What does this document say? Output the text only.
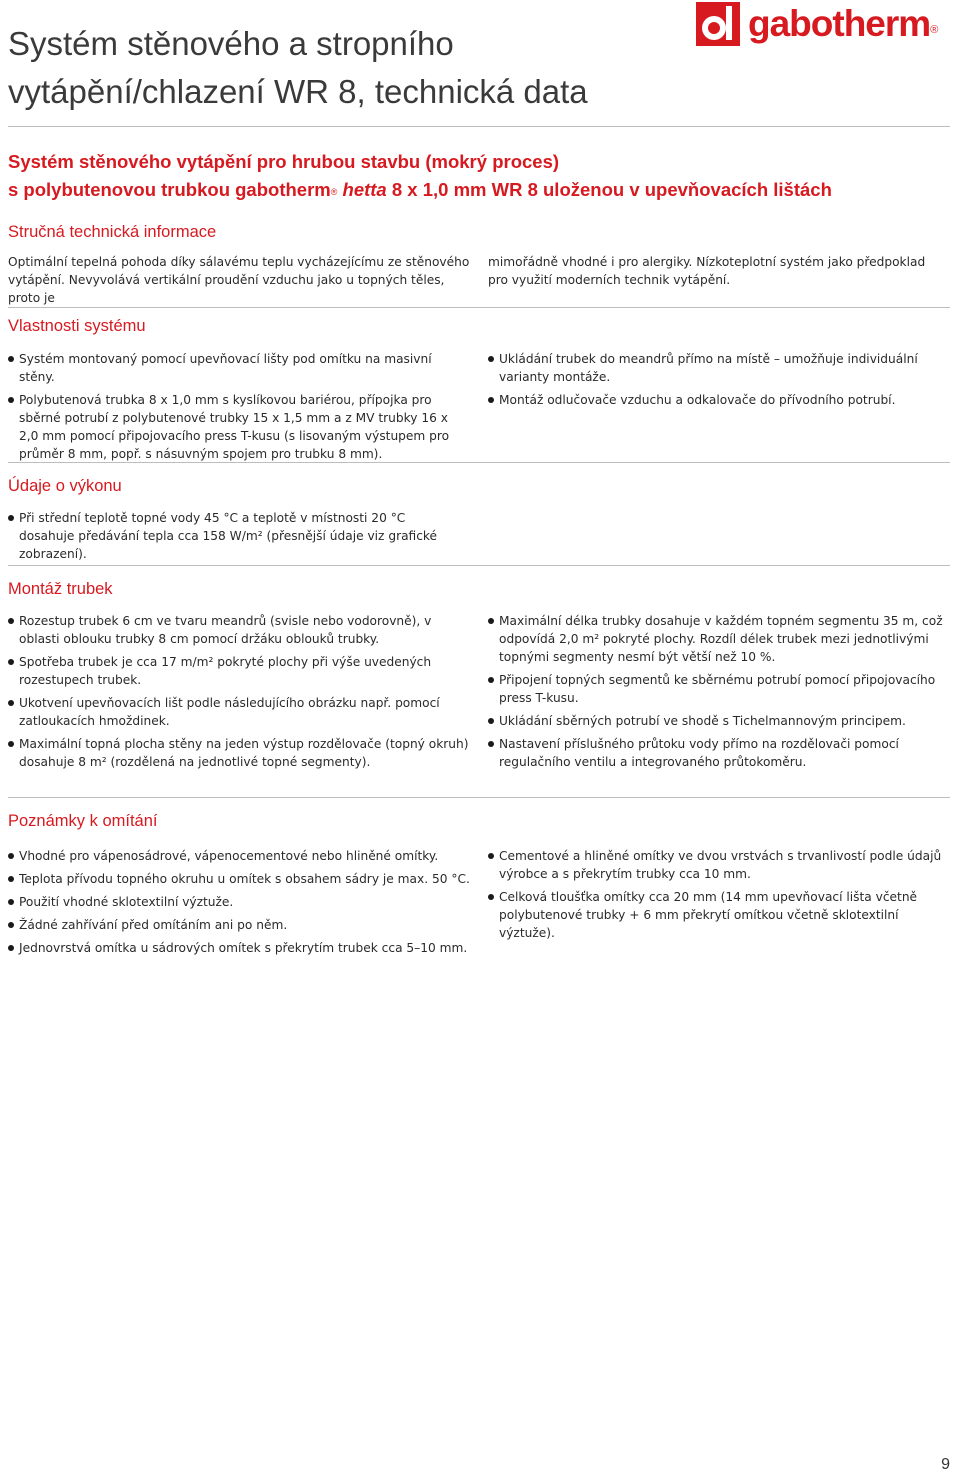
Systém stěnového a stropního vytápění/chlazení WR 8, technická data
gabotherm®
Systém stěnového vytápění pro hrubou stavbu (mokrý proces)
s polybutenovou trubkou gabotherm® hetta 8 x 1,0 mm WR 8 uloženou v upevňovacích lištách
Stručná technická informace

Optimální tepelná pohoda díky sálavému teplu vycházejícímu ze stěnového vytápění. Nevyvolává vertikální proudění vzduchu jako u topných těles, proto je

mimořádně vhodné i pro alergiky. Nízkoteplotní systém jako předpoklad pro využití moderních technik vytápění.

Vlastnosti systému
Systém montovaný pomocí upevňovací lišty pod omítku na masivní stěny.
Polybutenová trubka 8 x 1,0 mm s kyslíkovou bariérou, přípojka pro sběrné potrubí z polybutenové trubky 15 x 1,5 mm a z MV trubky 16 x 2,0 mm pomocí připojovacího press T-kusu (s lisovaným výstupem pro průměr 8 mm, popř. s násuvným spojem pro trubku 8 mm).
Ukládání trubek do meandrů přímo na místě – umožňuje individuální varianty montáže.
Montáž odlučovače vzduchu a odkalovače do přívodního potrubí.
Údaje o výkonu
Při střední teplotě topné vody 45 °C a teplotě v místnosti 20 °C dosahuje předávání tepla cca 158 W/m² (přesnější údaje viz grafické zobrazení).
Montáž trubek
Rozestup trubek 6 cm ve tvaru meandrů (svisle nebo vodorovně), v oblasti oblouku trubky 8 cm pomocí držáku oblouků trubky.
Spotřeba trubek je cca 17 m/m² pokryté plochy při výše uvedených rozestupech trubek.
Ukotvení upevňovacích lišt podle následujícího obrázku např. pomocí zatloukacích hmoždinek.
Maximální topná plocha stěny na jeden výstup rozdělovače (topný okruh) dosahuje 8 m² (rozdělená na jednotlivé topné segmenty).
Maximální délka trubky dosahuje v každém topném segmentu 35 m, což odpovídá 2,0 m² pokryté plochy. Rozdíl délek trubek mezi jednotlivými topnými segmenty nesmí být větší než 10 %.
Připojení topných segmentů ke sběrnému potrubí pomocí připojovacího press T-kusu.
Ukládání sběrných potrubí ve shodě s Tichelmannovým principem.
Nastavení příslušného průtoku vody přímo na rozdělovači pomocí regulačního ventilu a integrovaného průtokoměru.
Poznámky k omítání
Vhodné pro vápenosádrové, vápenocementové nebo hliněné omítky.
Teplota přívodu topného okruhu u omítek s obsahem sádry je max. 50 °C.
Použití vhodné sklotextilní výztuže.
Žádné zahřívání před omítáním ani po něm.
Jednovrstvá omítka u sádrových omítek s překrytím trubek cca 5–10 mm.
Cementové a hliněné omítky ve dvou vrstvách s trvanlivostí podle údajů výrobce a s překrytím trubky cca 10 mm.
Celková tloušťka omítky cca 20 mm (14 mm upevňovací lišta včetně polybutenové trubky + 6 mm překrytí omítkou včetně sklotextilní výztuže).
9
